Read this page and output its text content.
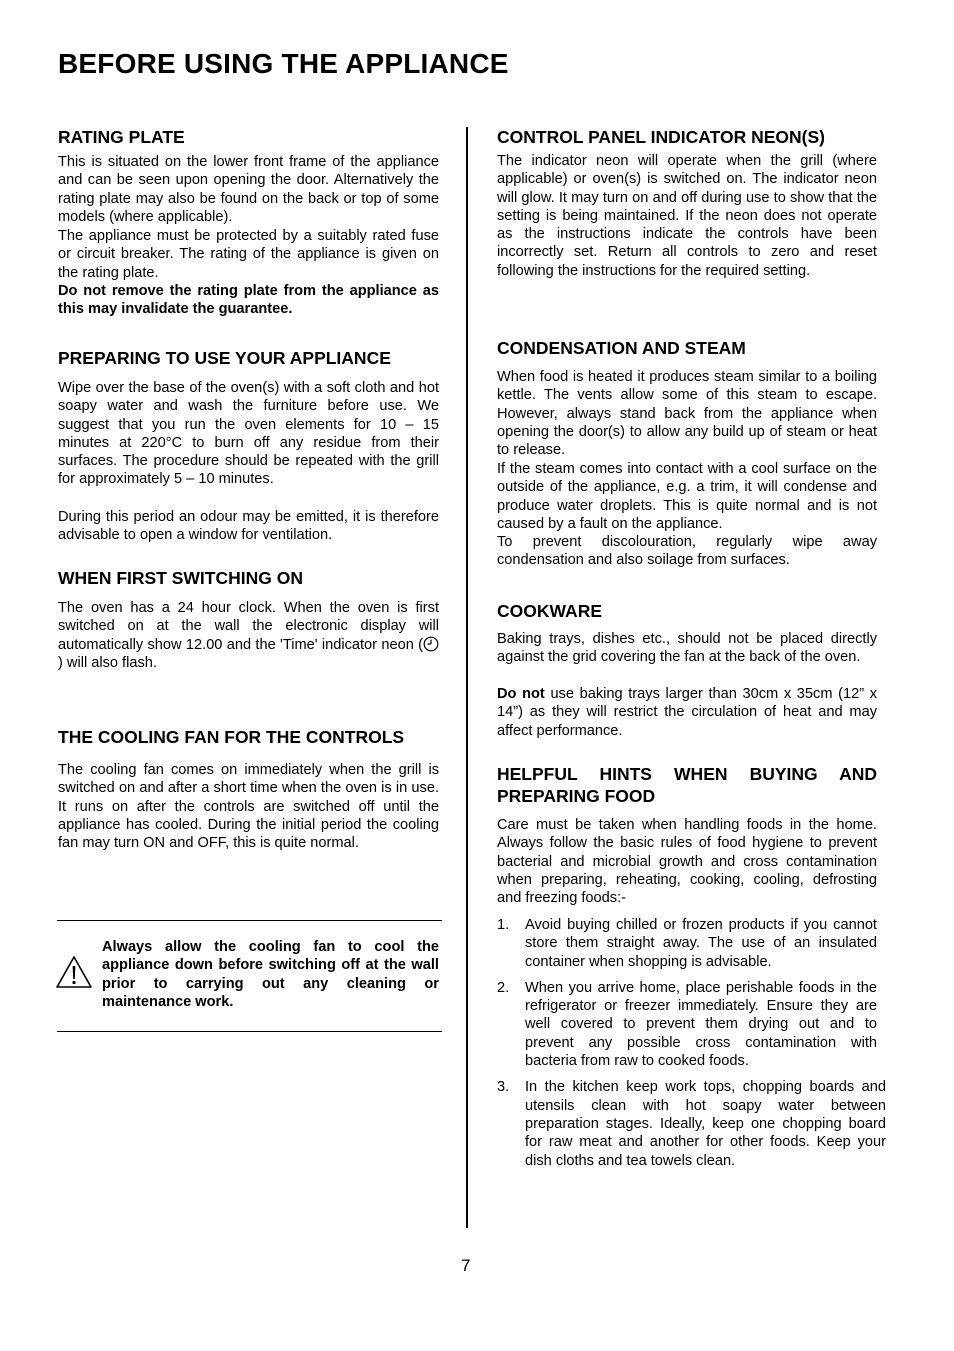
BEFORE USING THE APPLIANCE
RATING PLATE

This is situated on the lower front frame of the appliance and can be seen upon opening the door. Alternatively the rating plate may also be found on the back or top of some models (where applicable).

The appliance must be protected by a suitably rated fuse or circuit breaker. The rating of the appliance is given on the rating plate.

Do not remove the rating plate from the appliance as this may invalidate the guarantee.

PREPARING TO USE YOUR APPLIANCE

Wipe over the base of the oven(s) with a soft cloth and hot soapy water and wash the furniture before use. We suggest that you run the oven elements for 10 – 15 minutes at 220°C to burn off any residue from their surfaces. The procedure should be repeated with the grill for approximately 5 – 10 minutes.

During this period an odour may be emitted, it is therefore advisable to open a window for ventilation.

WHEN FIRST SWITCHING ON

The oven has a 24 hour clock. When the oven is first switched on at the wall the electronic display will automatically show 12.00 and the 'Time' indicator neon () will also flash.

THE COOLING FAN FOR THE CONTROLS

The cooling fan comes on immediately when the grill is switched on and after a short time when the oven is in use. It runs on after the controls are switched off until the appliance has cooled. During the initial period the cooling fan may turn ON and OFF, this is quite normal.

Always allow the cooling fan to cool the appliance down before switching off at the wall prior to carrying out any cleaning or maintenance work.

CONTROL PANEL INDICATOR NEON(S)

The indicator neon will operate when the grill (where applicable) or oven(s) is switched on. The indicator neon will glow. It may turn on and off during use to show that the setting is being maintained. If the neon does not operate as the instructions indicate the controls have been incorrectly set. Return all controls to zero and reset following the instructions for the required setting.

CONDENSATION AND STEAM

When food is heated it produces steam similar to a boiling kettle. The vents allow some of this steam to escape. However, always stand back from the appliance when opening the door(s) to allow any build up of steam or heat to release.

If the steam comes into contact with a cool surface on the outside of the appliance, e.g. a trim, it will condense and produce water droplets. This is quite normal and is not caused by a fault on the appliance.

To prevent discolouration, regularly wipe away condensation and also soilage from surfaces.

COOKWARE

Baking trays, dishes etc., should not be placed directly against the grid covering the fan at the back of the oven.

Do not use baking trays larger than 30cm x 35cm (12” x 14”) as they will restrict the circulation of heat and may affect performance.

HELPFUL HINTS WHEN BUYING AND
PREPARING FOOD

Care must be taken when handling foods in the home. Always follow the basic rules of food hygiene to prevent bacterial and microbial growth and cross contamination when preparing, reheating, cooking, cooling, defrosting and freezing foods:-

1. Avoid buying chilled or frozen products if you cannot store them straight away. The use of an insulated container when shopping is advisable.
2. When you arrive home, place perishable foods in the refrigerator or freezer immediately. Ensure they are well covered to prevent them drying out and to prevent any possible cross contamination with bacteria from raw to cooked foods.
3. In the kitchen keep work tops, chopping boards and utensils clean with hot soapy water between preparation stages. Ideally, keep one chopping board for raw meat and another for other foods. Keep your dish cloths and tea towels clean.
7
